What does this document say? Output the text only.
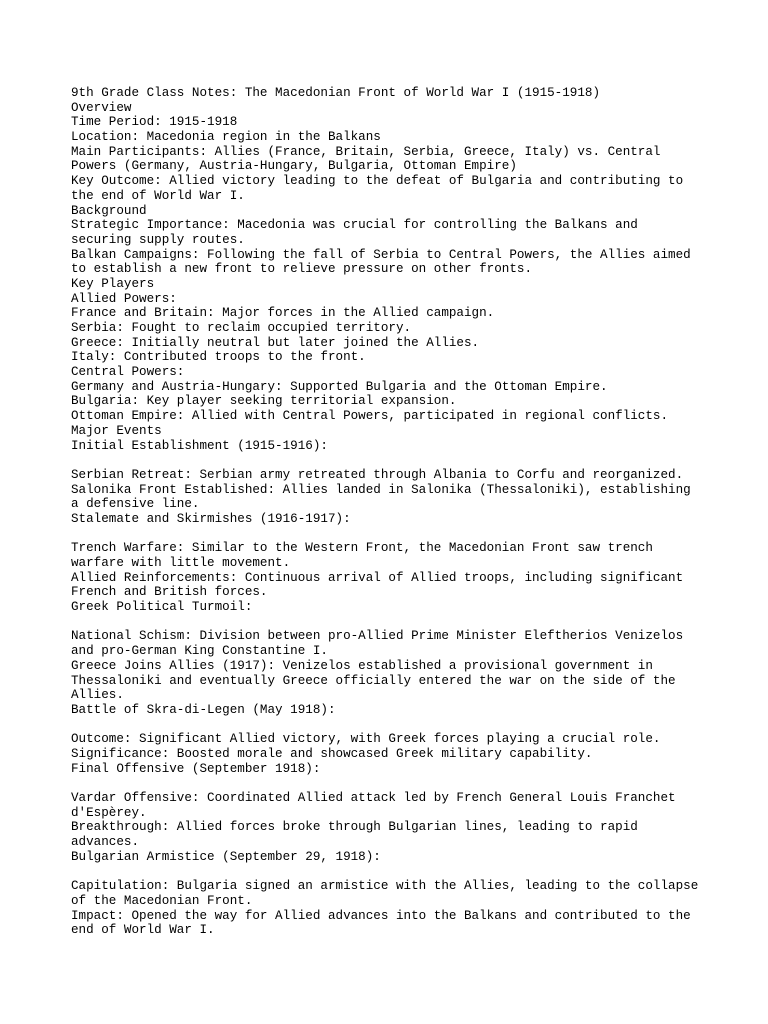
9th Grade Class Notes: The Macedonian Front of World War I (1915-1918)
Overview
Time Period: 1915-1918
Location: Macedonia region in the Balkans
Main Participants: Allies (France, Britain, Serbia, Greece, Italy) vs. Central
Powers (Germany, Austria-Hungary, Bulgaria, Ottoman Empire)
Key Outcome: Allied victory leading to the defeat of Bulgaria and contributing to
the end of World War I.
Background
Strategic Importance: Macedonia was crucial for controlling the Balkans and
securing supply routes.
Balkan Campaigns: Following the fall of Serbia to Central Powers, the Allies aimed
to establish a new front to relieve pressure on other fronts.
Key Players
Allied Powers:
France and Britain: Major forces in the Allied campaign.
Serbia: Fought to reclaim occupied territory.
Greece: Initially neutral but later joined the Allies.
Italy: Contributed troops to the front.
Central Powers:
Germany and Austria-Hungary: Supported Bulgaria and the Ottoman Empire.
Bulgaria: Key player seeking territorial expansion.
Ottoman Empire: Allied with Central Powers, participated in regional conflicts.
Major Events
Initial Establishment (1915-1916):
Serbian Retreat: Serbian army retreated through Albania to Corfu and reorganized.
Salonika Front Established: Allies landed in Salonika (Thessaloniki), establishing
a defensive line.
Stalemate and Skirmishes (1916-1917):
Trench Warfare: Similar to the Western Front, the Macedonian Front saw trench
warfare with little movement.
Allied Reinforcements: Continuous arrival of Allied troops, including significant
French and British forces.
Greek Political Turmoil:
National Schism: Division between pro-Allied Prime Minister Eleftherios Venizelos
and pro-German King Constantine I.
Greece Joins Allies (1917): Venizelos established a provisional government in
Thessaloniki and eventually Greece officially entered the war on the side of the
Allies.
Battle of Skra-di-Legen (May 1918):
Outcome: Significant Allied victory, with Greek forces playing a crucial role.
Significance: Boosted morale and showcased Greek military capability.
Final Offensive (September 1918):
Vardar Offensive: Coordinated Allied attack led by French General Louis Franchet
d'Espèrey.
Breakthrough: Allied forces broke through Bulgarian lines, leading to rapid
advances.
Bulgarian Armistice (September 29, 1918):
Capitulation: Bulgaria signed an armistice with the Allies, leading to the collapse
of the Macedonian Front.
Impact: Opened the way for Allied advances into the Balkans and contributed to the
end of World War I.
